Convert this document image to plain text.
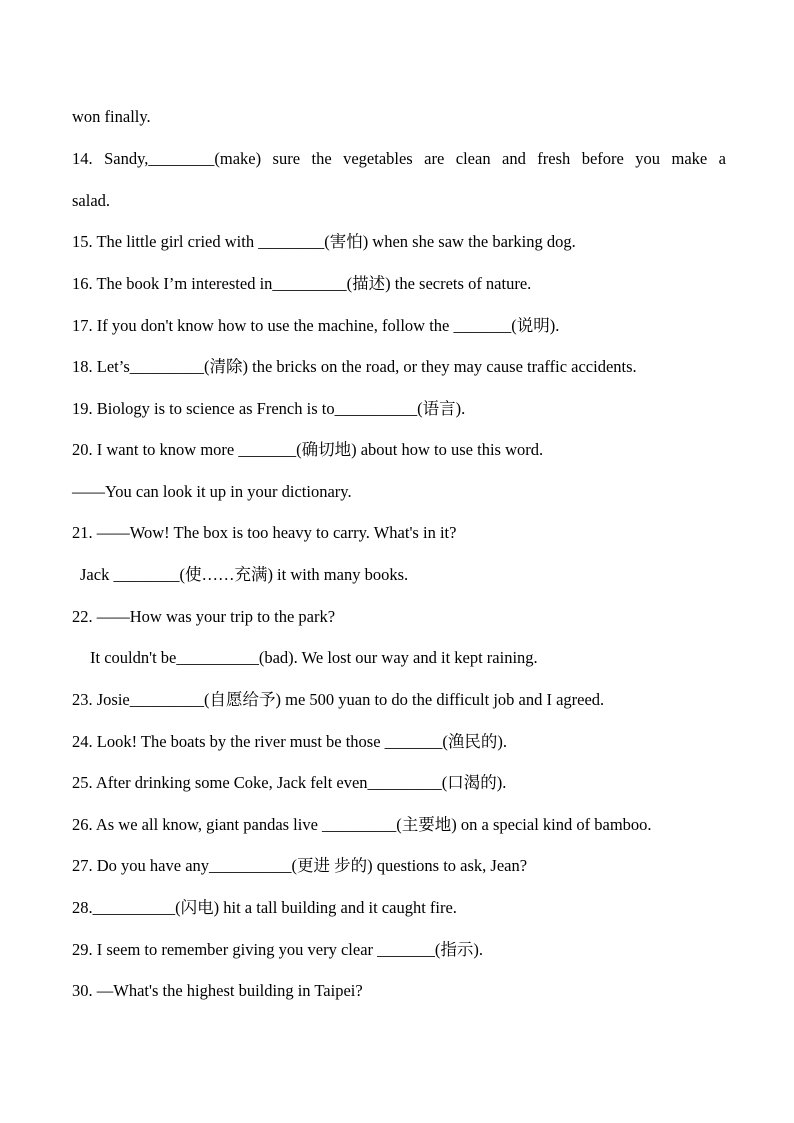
won finally.
14. Sandy,________(make) sure the vegetables are clean and fresh before you make a
salad.
15. The little girl cried with ________(害怕) when she saw the barking dog.
16. The book I’m interested in_________(描述) the secrets of nature.
17. If you don't know how to use the machine, follow the _______(说明).
18. Let’s_________(清除) the bricks on the road, or they may cause traffic accidents.
19. Biology is to science as French is to__________(语言).
20. I want to know more _______(确切地) about how to use this word.
——You can look it up in your dictionary.
21. ——Wow! The box is too heavy to carry. What's in it?
Jack ________(使……充满) it with many books.
22. ——How was your trip to the park?
It couldn't be__________(bad). We lost our way and it kept raining.
23. Josie_________(自愿给予) me 500 yuan to do the difficult job and I agreed.
24. Look! The boats by the river must be those _______(渔民的).
25. After drinking some Coke, Jack felt even_________(口渴的).
26. As we all know, giant pandas live _________(主要地) on a special kind of bamboo.
27. Do you have any__________(更进 步的) questions to ask, Jean?
28.__________(闪电) hit a tall building and it caught fire.
29. I seem to remember giving you very clear _______(指示).
30. —What's the highest building in Taipei?
